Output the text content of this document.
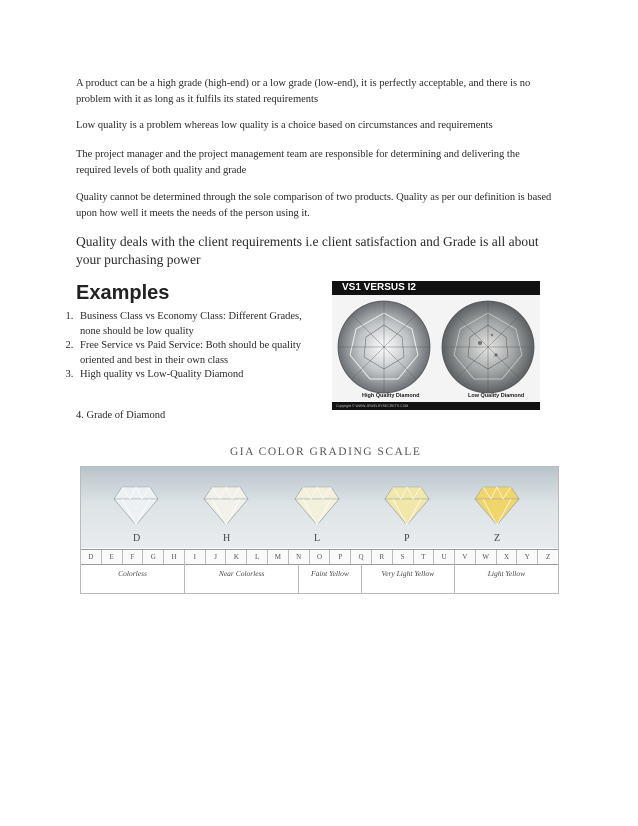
A product can be a high grade (high-end) or a low grade (low-end), it is perfectly acceptable, and there is no problem with it as long as it fulfils its stated requirements

Low quality is a problem whereas low quality is a choice based on circumstances and requirements

The project manager and the project management team are responsible for determining and delivering the required levels of both quality and grade

Quality cannot be determined through the sole comparison of two products. Quality as per our definition is based upon how well it meets the needs of the person using it.

Quality deals with the client requirements i.e client satisfaction and Grade is all about your purchasing power

Examples
1. Business Class vs Economy Class: Different Grades, none should be low quality
2. Free Service vs Paid Service: Both should be quality oriented and best in their own class
3. High quality vs Low-Quality Diamond

4. Grade of Diamond

VS1 VERSUS I2
High Quality Diamond	Low Quality Diamond
Copyright © WWW.JEWELRYSECRETS.COM
GIA COLOR GRADING SCALE
D	H	L	P	Z
D	E	F	G	H	I	J	K	L	M	N	O	P	Q	R	S	T	U	V	W	X	Y	Z
Colorless	Near Colorless	Faint Yellow	Very Light Yellow	Light Yellow
